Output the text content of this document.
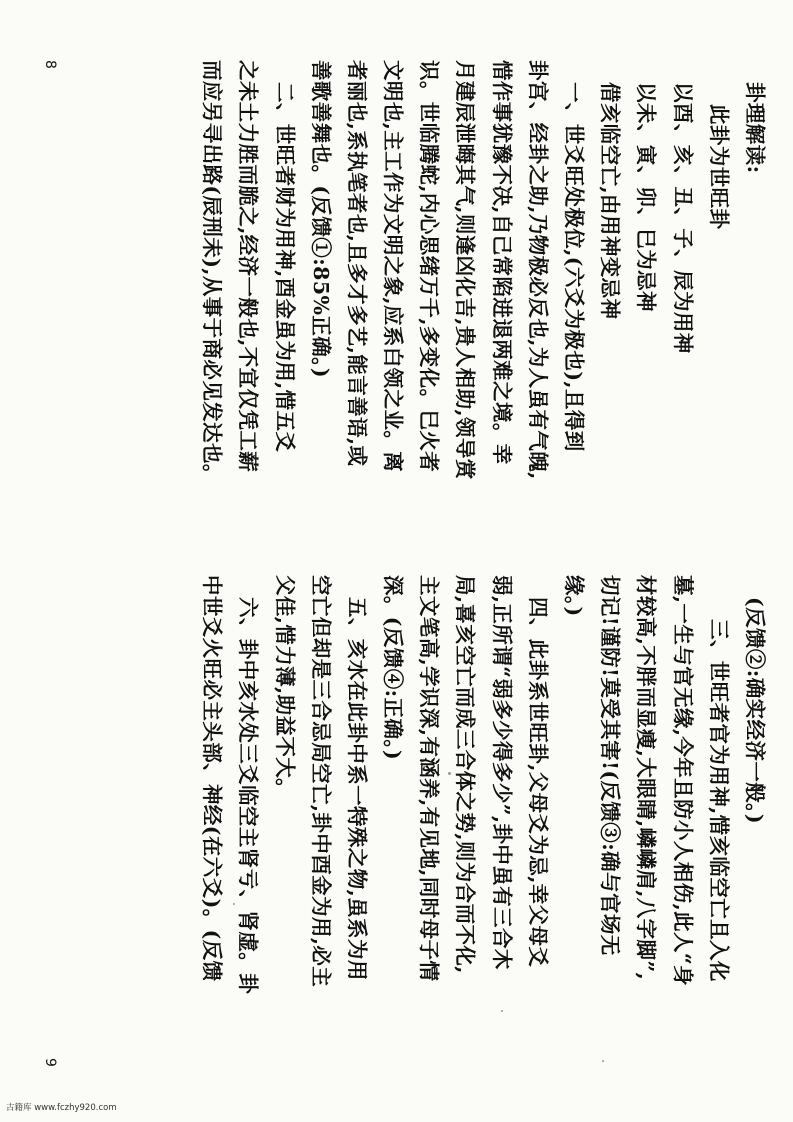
卦理解读:

此卦为世旺卦

以酉、亥、丑、子、辰为用神

以未、寅、卯、巳为忌神

借亥临空亡,由用神变忌神

一、世爻旺处极位,(六爻为极也),且得到

卦宫、经卦之助,乃物极必反也,为人虽有气魄,

惜作事犹豫不决,自己常陷进退两难之境。幸

月建辰泄晦其气,则逢凶化吉,贵人相助,领导赏

识。世临腾蛇,内心思绪万千,多变化。巳火者

文明也,主工作为文明之象,应系白领之业。离

者丽也,系执笔者也,且多才多艺,能言善语,或

善歌善舞也。(反馈①:85%正确。)

二、世旺者财为用神,酉金虽为用,惜五爻

之未土力胜而脆之,经济一般也,不宜仅凭工薪

而应另寻出路(辰刑未),从事于商必见发达也。

(反馈②:确实经济一般。)

三、世旺者官为用神,惜亥临空亡且入化

墓,一生与官无缘,今年且防小人相伤,此人“身

材较高,不胖而显瘦,大眼睛,嶙嶙肩,八字脚”,

切记!谨防!莫受其害!(反馈③:确与官场无

缘。)

四、此卦系世旺卦,父母爻为忌,幸父母爻

弱,正所谓“弱多少得多少”,卦中虽有三合木

局,喜亥空亡而成三合体之势,则为合而不化,

主文笔高,学识深,有涵养,有见地,同时母子情

深。(反馈④:正确。)

五、亥水在此卦中系一特殊之物,虽系为用

空亡但却是三合忌局空亡,卦中酉金为用,必主

父佳,惜力薄,助益不大。

六、卦中亥水处三爻临空主肾亏、肾虚。卦

中世爻火旺必主头部、神经(在六爻)。(反馈

8
9
古籍库 www.fczhy920.com
